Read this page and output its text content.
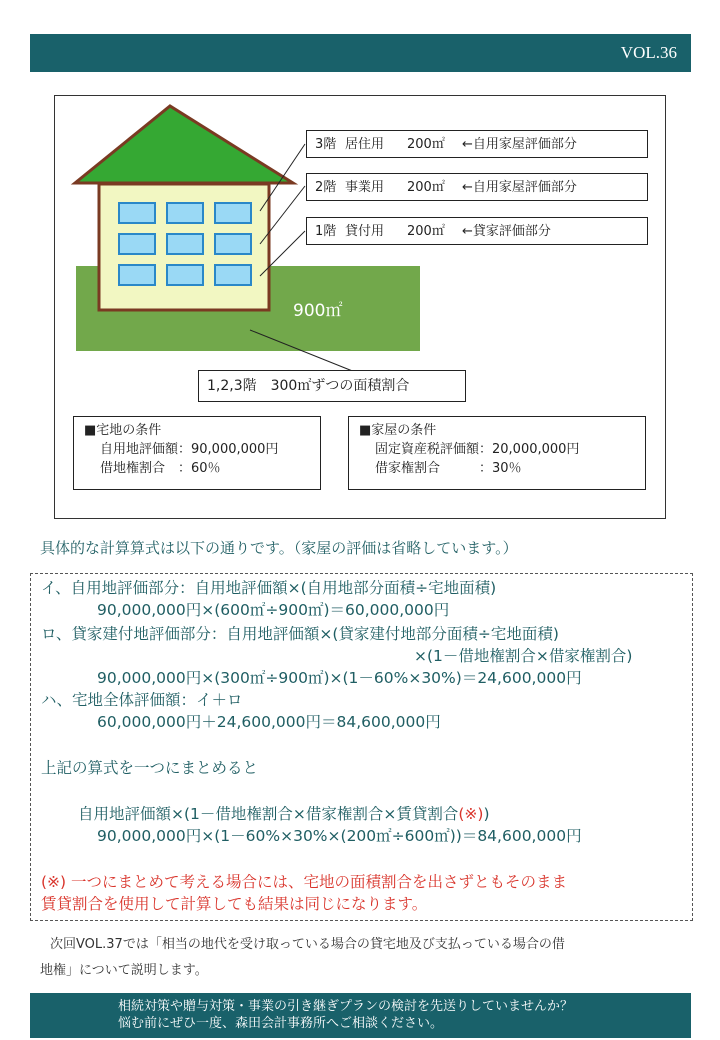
VOL.36
3階 居住用 200㎡ ←自用家屋評価部分
2階 事業用 200㎡ ←自用家屋評価部分
1階 貸付用 200㎡ ←貸家評価部分
900㎡
1,2,3階　300㎡ずつの面積割合
■宅地の条件
自用地評価額：90,000,000円
借地権割合　：60％
■家屋の条件
固定資産税評価額：20,000,000円
借家権割合　　　：30％
具体的な計算算式は以下の通りです。（家屋の評価は省略しています。）
イ、自用地評価部分：自用地評価額×(自用地部分面積÷宅地面積)
90,000,000円×(600㎡÷900㎡)＝60,000,000円
ロ、貸家建付地評価部分：自用地評価額×(貸家建付地部分面積÷宅地面積)
×(1－借地権割合×借家権割合)
90,000,000円×(300㎡÷900㎡)×(1－60%×30%)＝24,600,000円
ハ、宅地全体評価額：イ＋ロ
60,000,000円＋24,600,000円＝84,600,000円
上記の算式を一つにまとめると
自用地評価額×(1－借地権割合×借家権割合×賃貸割合(※))
90,000,000円×(1－60%×30%×(200㎡÷600㎡))＝84,600,000円
(※) 一つにまとめて考える場合には、宅地の面積割合を出さずともそのまま
賃貸割合を使用して計算しても結果は同じになります。
次回VOL.37では「相当の地代を受け取っている場合の貸宅地及び支払っている場合の借
地権」について説明します。
相続対策や贈与対策・事業の引き継ぎプランの検討を先送りしていませんか？
悩む前にぜひ一度、森田会計事務所へご相談ください。
